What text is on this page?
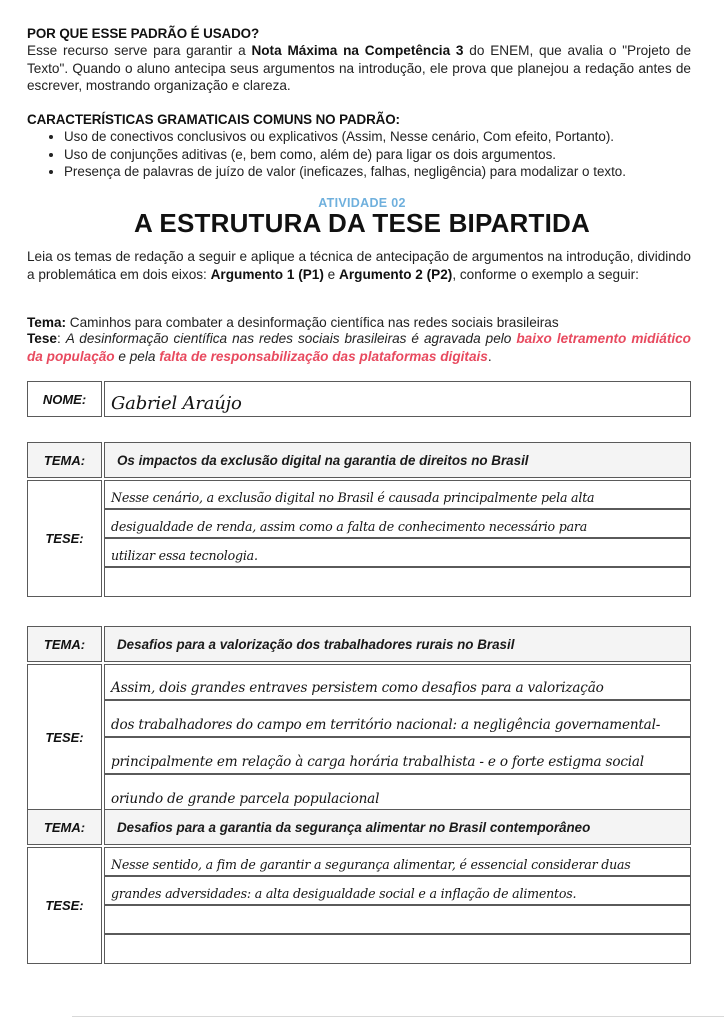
POR QUE ESSE PADRÃO É USADO?
Esse recurso serve para garantir a Nota Máxima na Competência 3 do ENEM, que avalia o "Projeto de Texto". Quando o aluno antecipa seus argumentos na introdução, ele prova que planejou a redação antes de escrever, mostrando organização e clareza.
CARACTERÍSTICAS GRAMATICAIS COMUNS NO PADRÃO:
• Uso de conectivos conclusivos ou explicativos (Assim, Nesse cenário, Com efeito, Portanto).
• Uso de conjunções aditivas (e, bem como, além de) para ligar os dois argumentos.
• Presença de palavras de juízo de valor (ineficazes, falhas, negligência) para modalizar o texto.
ATIVIDADE 02
A ESTRUTURA DA TESE BIPARTIDA
Leia os temas de redação a seguir e aplique a técnica de antecipação de argumentos na introdução, dividindo a problemática em dois eixos: Argumento 1 (P1) e Argumento 2 (P2), conforme o exemplo a seguir:
Tema: Caminhos para combater a desinformação científica nas redes sociais brasileiras
Tese: A desinformação científica nas redes sociais brasileiras é agravada pelo baixo letramento midiático da população e pela falta de responsabilização das plataformas digitais.
NOME: Gabriel Araújo
TEMA: Os impactos da exclusão digital na garantia de direitos no Brasil
TESE:
Nesse cenário, a exclusão digital no Brasil é causada principalmente pela alta
desigualdade de renda, assim como a falta de conhecimento necessário para
utilizar essa tecnologia.
TEMA: Desafios para a valorização dos trabalhadores rurais no Brasil
TESE:
Assim, dois grandes entraves persistem como desafios para a valorização
dos trabalhadores do campo em território nacional: a negligência governamental-
principalmente em relação à carga horária trabalhista - e o forte estigma social
oriundo de grande parcela populacional
TEMA: Desafios para a garantia da segurança alimentar no Brasil contemporâneo
TESE:
Nesse sentido, a fim de garantir a segurança alimentar, é essencial considerar duas
grandes adversidades: a alta desigualdade social e a inflação de alimentos.
